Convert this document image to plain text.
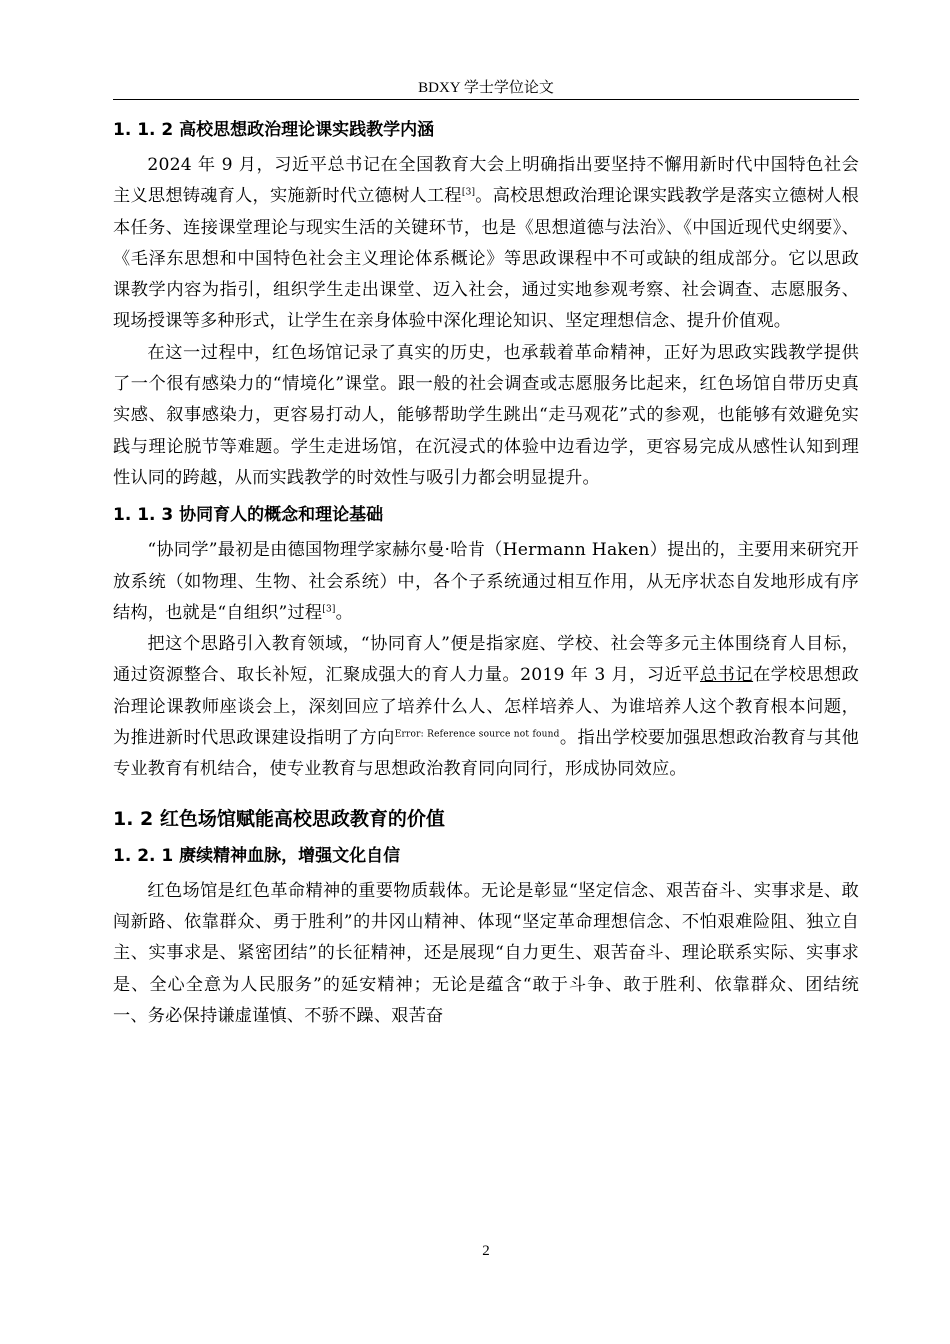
BDXY 学士学位论文
1. 1. 2 高校思想政治理论课实践教学内涵

2024 年 9 月，习近平总书记在全国教育大会上明确指出要坚持不懈用新时代中国特色社会主义思想铸魂育人，实施新时代立德树人工程[3]。高校思想政治理论课实践教学是落实立德树人根本任务、连接课堂理论与现实生活的关键环节，也是《思想道德与法治》、《中国近现代史纲要》、《毛泽东思想和中国特色社会主义理论体系概论》等思政课程中不可或缺的组成部分。它以思政课教学内容为指引，组织学生走出课堂、迈入社会，通过实地参观考察、社会调查、志愿服务、现场授课等多种形式，让学生在亲身体验中深化理论知识、坚定理想信念、提升价值观。

在这一过程中，红色场馆记录了真实的历史，也承载着革命精神，正好为思政实践教学提供了一个很有感染力的“情境化”课堂。跟一般的社会调查或志愿服务比起来，红色场馆自带历史真实感、叙事感染力，更容易打动人，能够帮助学生跳出“走马观花”式的参观，也能够有效避免实践与理论脱节等难题。学生走进场馆，在沉浸式的体验中边看边学，更容易完成从感性认知到理性认同的跨越，从而实践教学的时效性与吸引力都会明显提升。

1. 1. 3 协同育人的概念和理论基础

“协同学”最初是由德国物理学家赫尔曼·哈肯（Hermann Haken）提出的，主要用来研究开放系统（如物理、生物、社会系统）中，各个子系统通过相互作用，从无序状态自发地形成有序结构，也就是“自组织”过程[3]。

把这个思路引入教育领域，“协同育人”便是指家庭、学校、社会等多元主体围绕育人目标，通过资源整合、取长补短，汇聚成强大的育人力量。2019 年 3 月，习近平总书记在学校思想政治理论课教师座谈会上，深刻回应了培养什么人、怎样培养人、为谁培养人这个教育根本问题，为推进新时代思政课建设指明了方向$^{Error: Reference source not found}$。指出学校要加强思想政治教育与其他专业教育有机结合，使专业教育与思想政治教育同向同行，形成协同效应。

1. 2 红色场馆赋能高校思政教育的价值
1. 2. 1 赓续精神血脉，增强文化自信

红色场馆是红色革命精神的重要物质载体。无论是彰显“坚定信念、艰苦奋斗、实事求是、敢闯新路、依靠群众、勇于胜利”的井冈山精神、体现“坚定革命理想信念、不怕艰难险阻、独立自主、实事求是、紧密团结”的长征精神，还是展现“自力更生、艰苦奋斗、理论联系实际、实事求是、全心全意为人民服务”的延安精神；无论是蕴含“敢于斗争、敢于胜利、依靠群众、团结统一、务必保持谦虚谨慎、不骄不躁、艰苦奋

2
